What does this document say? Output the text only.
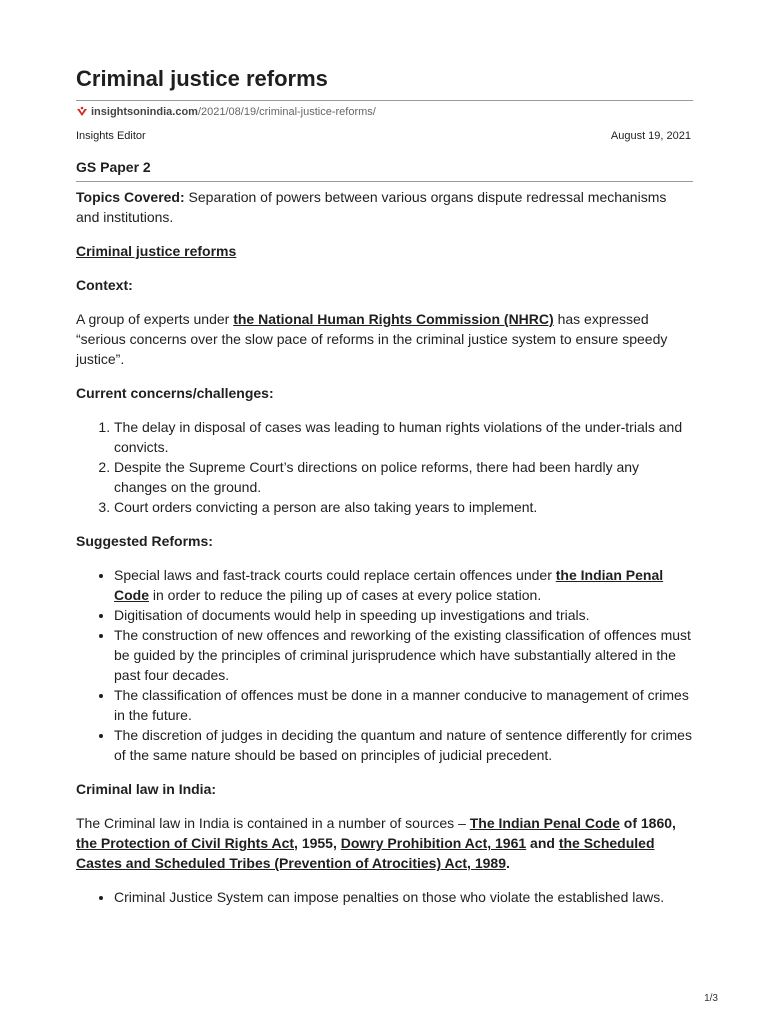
Criminal justice reforms
insightsonindia.com /2021/08/19/criminal-justice-reforms/
Insights Editor	August 19, 2021
GS Paper 2

Topics Covered: Separation of powers between various organs dispute redressal mechanisms and institutions.

Criminal justice reforms

Context:

A group of experts under the National Human Rights Commission (NHRC) has expressed “serious concerns over the slow pace of reforms in the criminal justice system to ensure speedy justice”.

Current concerns/challenges:
1. The delay in disposal of cases was leading to human rights violations of the under-trials and convicts.
2. Despite the Supreme Court’s directions on police reforms, there had been hardly any changes on the ground.
3. Court orders convicting a person are also taking years to implement.
Suggested Reforms:
• Special laws and fast-track courts could replace certain offences under the Indian Penal Code in order to reduce the piling up of cases at every police station.
• Digitisation of documents would help in speeding up investigations and trials.
• The construction of new offences and reworking of the existing classification of offences must be guided by the principles of criminal jurisprudence which have substantially altered in the past four decades.
• The classification of offences must be done in a manner conducive to management of crimes in the future.
• The discretion of judges in deciding the quantum and nature of sentence differently for crimes of the same nature should be based on principles of judicial precedent.
Criminal law in India:

The Criminal law in India is contained in a number of sources – The Indian Penal Code of 1860, the Protection of Civil Rights Act, 1955, Dowry Prohibition Act, 1961 and the Scheduled Castes and Scheduled Tribes (Prevention of Atrocities) Act, 1989.

• Criminal Justice System can impose penalties on those who violate the established laws.
1/3
